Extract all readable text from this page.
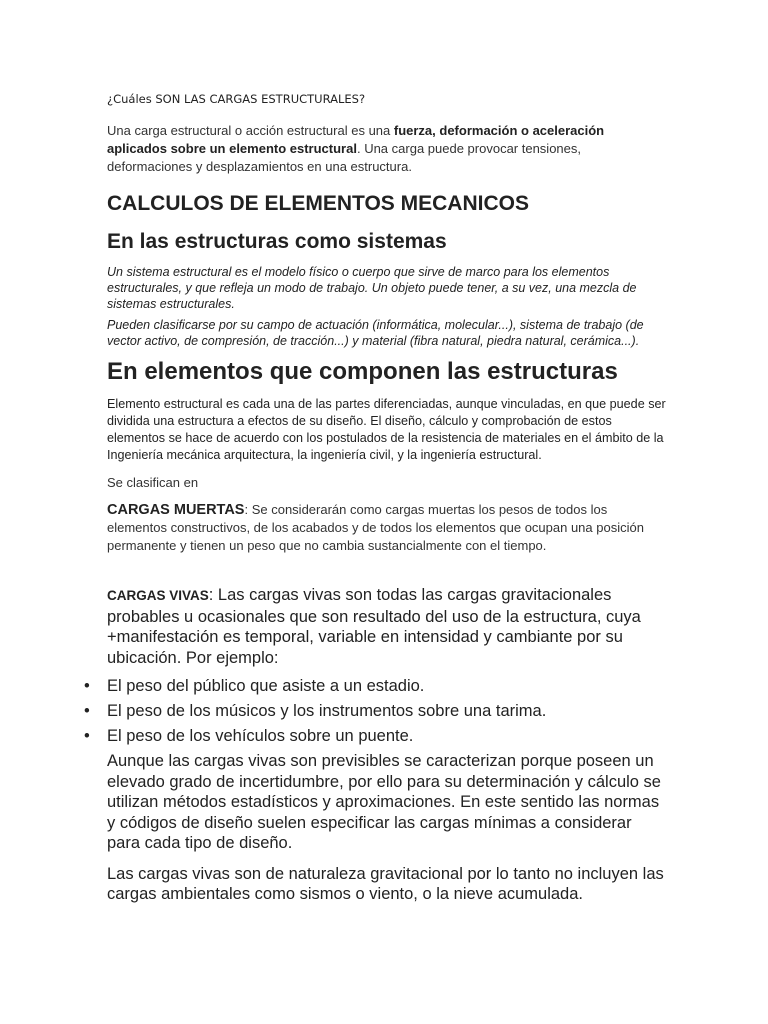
¿Cuáles SON LAS CARGAS ESTRUCTURALES?

Una carga estructural o acción estructural es una fuerza, deformación o aceleración aplicados sobre un elemento estructural. Una carga puede provocar tensiones, deformaciones y desplazamientos en una estructura.

CALCULOS DE ELEMENTOS MECANICOS
En las estructuras como sistemas

Un sistema estructural es el modelo físico o cuerpo que sirve de marco para los elementos estructurales, y que refleja un modo de trabajo. Un objeto puede tener, a su vez, una mezcla de sistemas estructurales.

Pueden clasificarse por su campo de actuación (informática, molecular...), sistema de trabajo (de vector activo, de compresión, de tracción...) y material (fibra natural, piedra natural, cerámica...).

En elementos que componen las estructuras

Elemento estructural es cada una de las partes diferenciadas, aunque vinculadas, en que puede ser dividida una estructura a efectos de su diseño. El diseño, cálculo y comprobación de estos elementos se hace de acuerdo con los postulados de la resistencia de materiales en el ámbito de la Ingeniería mecánica arquitectura, la ingeniería civil, y la ingeniería estructural.

Se clasifican en

CARGAS MUERTAS: Se considerarán como cargas muertas los pesos de todos los elementos constructivos, de los acabados y de todos los elementos que ocupan una posición permanente y tienen un peso que no cambia sustancialmente con el tiempo.

CARGAS VIVAS: Las cargas vivas son todas las cargas gravitacionales probables u ocasionales que son resultado del uso de la estructura, cuya +manifestación es temporal, variable en intensidad y cambiante por su ubicación. Por ejemplo:

• El peso del público que asiste a un estadio.
• El peso de los músicos y los instrumentos sobre una tarima.
• El peso de los vehículos sobre un puente.

Aunque las cargas vivas son previsibles se caracterizan porque poseen un elevado grado de incertidumbre, por ello para su determinación y cálculo se utilizan métodos estadísticos y aproximaciones. En este sentido las normas y códigos de diseño suelen especificar las cargas mínimas a considerar para cada tipo de diseño.

Las cargas vivas son de naturaleza gravitacional por lo tanto no incluyen las cargas ambientales como sismos o viento, o la nieve acumulada.
